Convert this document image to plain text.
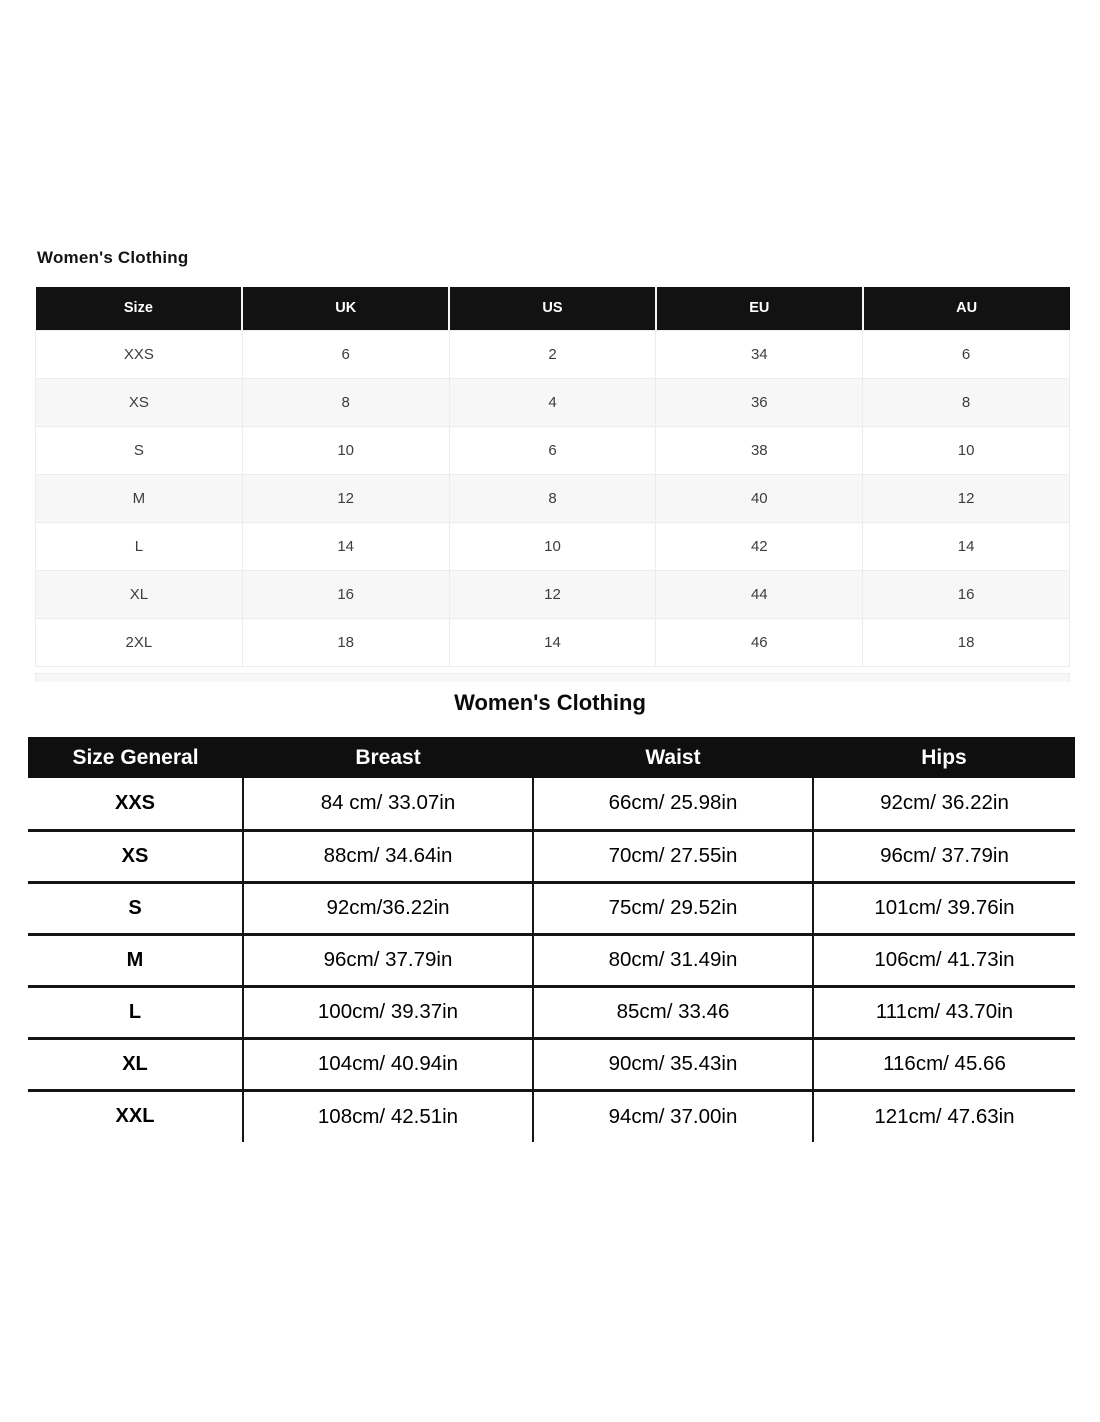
Women's Clothing
Size	UK	US	EU	AU
XXS	6	2	34	6
XS	8	4	36	8
S	10	6	38	10
M	12	8	40	12
L	14	10	42	14
XL	16	12	44	16
2XL	18	14	46	18
Women's Clothing
Size General	Breast	Waist	Hips
XXS	84 cm/ 33.07in	66cm/ 25.98in	92cm/ 36.22in
XS	88cm/ 34.64in	70cm/ 27.55in	96cm/ 37.79in
S	92cm/36.22in	75cm/ 29.52in	101cm/ 39.76in
M	96cm/ 37.79in	80cm/ 31.49in	106cm/ 41.73in
L	100cm/ 39.37in	85cm/ 33.46	111cm/ 43.70in
XL	104cm/ 40.94in	90cm/ 35.43in	116cm/ 45.66
XXL	108cm/ 42.51in	94cm/ 37.00in	121cm/ 47.63in
